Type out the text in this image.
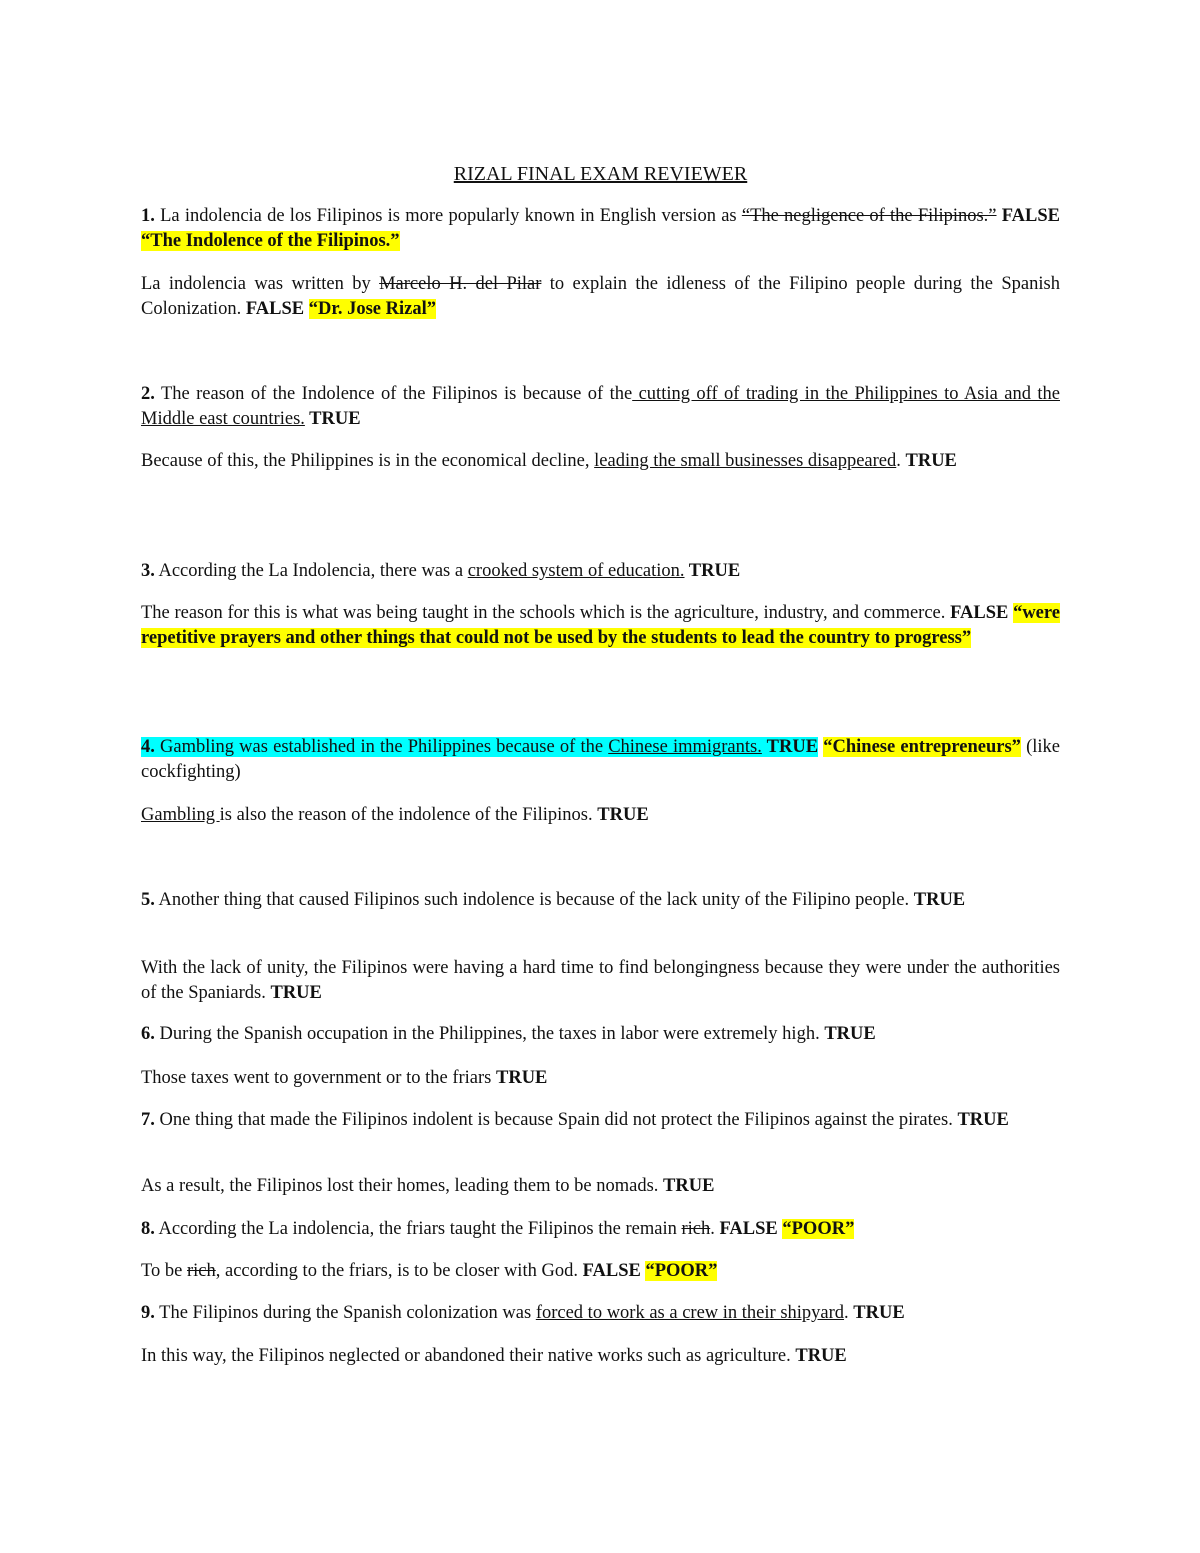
RIZAL FINAL EXAM REVIEWER

1. La indolencia de los Filipinos is more popularly known in English version as “The negligence of the Filipinos.” FALSE “The Indolence of the Filipinos.”

La indolencia was written by Marcelo H. del Pilar to explain the idleness of the Filipino people during the Spanish Colonization. FALSE “Dr. Jose Rizal”

2. The reason of the Indolence of the Filipinos is because of the cutting off of trading in the Philippines to Asia and the Middle east countries. TRUE

Because of this, the Philippines is in the economical decline, leading the small businesses disappeared. TRUE

3. According the La Indolencia, there was a crooked system of education. TRUE

The reason for this is what was being taught in the schools which is the agriculture, industry, and commerce. FALSE “were repetitive prayers and other things that could not be used by the students to lead the country to progress”

4. Gambling was established in the Philippines because of the Chinese immigrants. TRUE “Chinese entrepreneurs” (like cockfighting)

Gambling is also the reason of the indolence of the Filipinos. TRUE

5. Another thing that caused Filipinos such indolence is because of the lack unity of the Filipino people. TRUE

With the lack of unity, the Filipinos were having a hard time to find belongingness because they were under the authorities of the Spaniards. TRUE

6. During the Spanish occupation in the Philippines, the taxes in labor were extremely high. TRUE

Those taxes went to government or to the friars TRUE

7. One thing that made the Filipinos indolent is because Spain did not protect the Filipinos against the pirates. TRUE

As a result, the Filipinos lost their homes, leading them to be nomads. TRUE

8. According the La indolencia, the friars taught the Filipinos the remain rich. FALSE “POOR”

To be rich, according to the friars, is to be closer with God. FALSE “POOR”

9. The Filipinos during the Spanish colonization was forced to work as a crew in their shipyard. TRUE

In this way, the Filipinos neglected or abandoned their native works such as agriculture. TRUE
